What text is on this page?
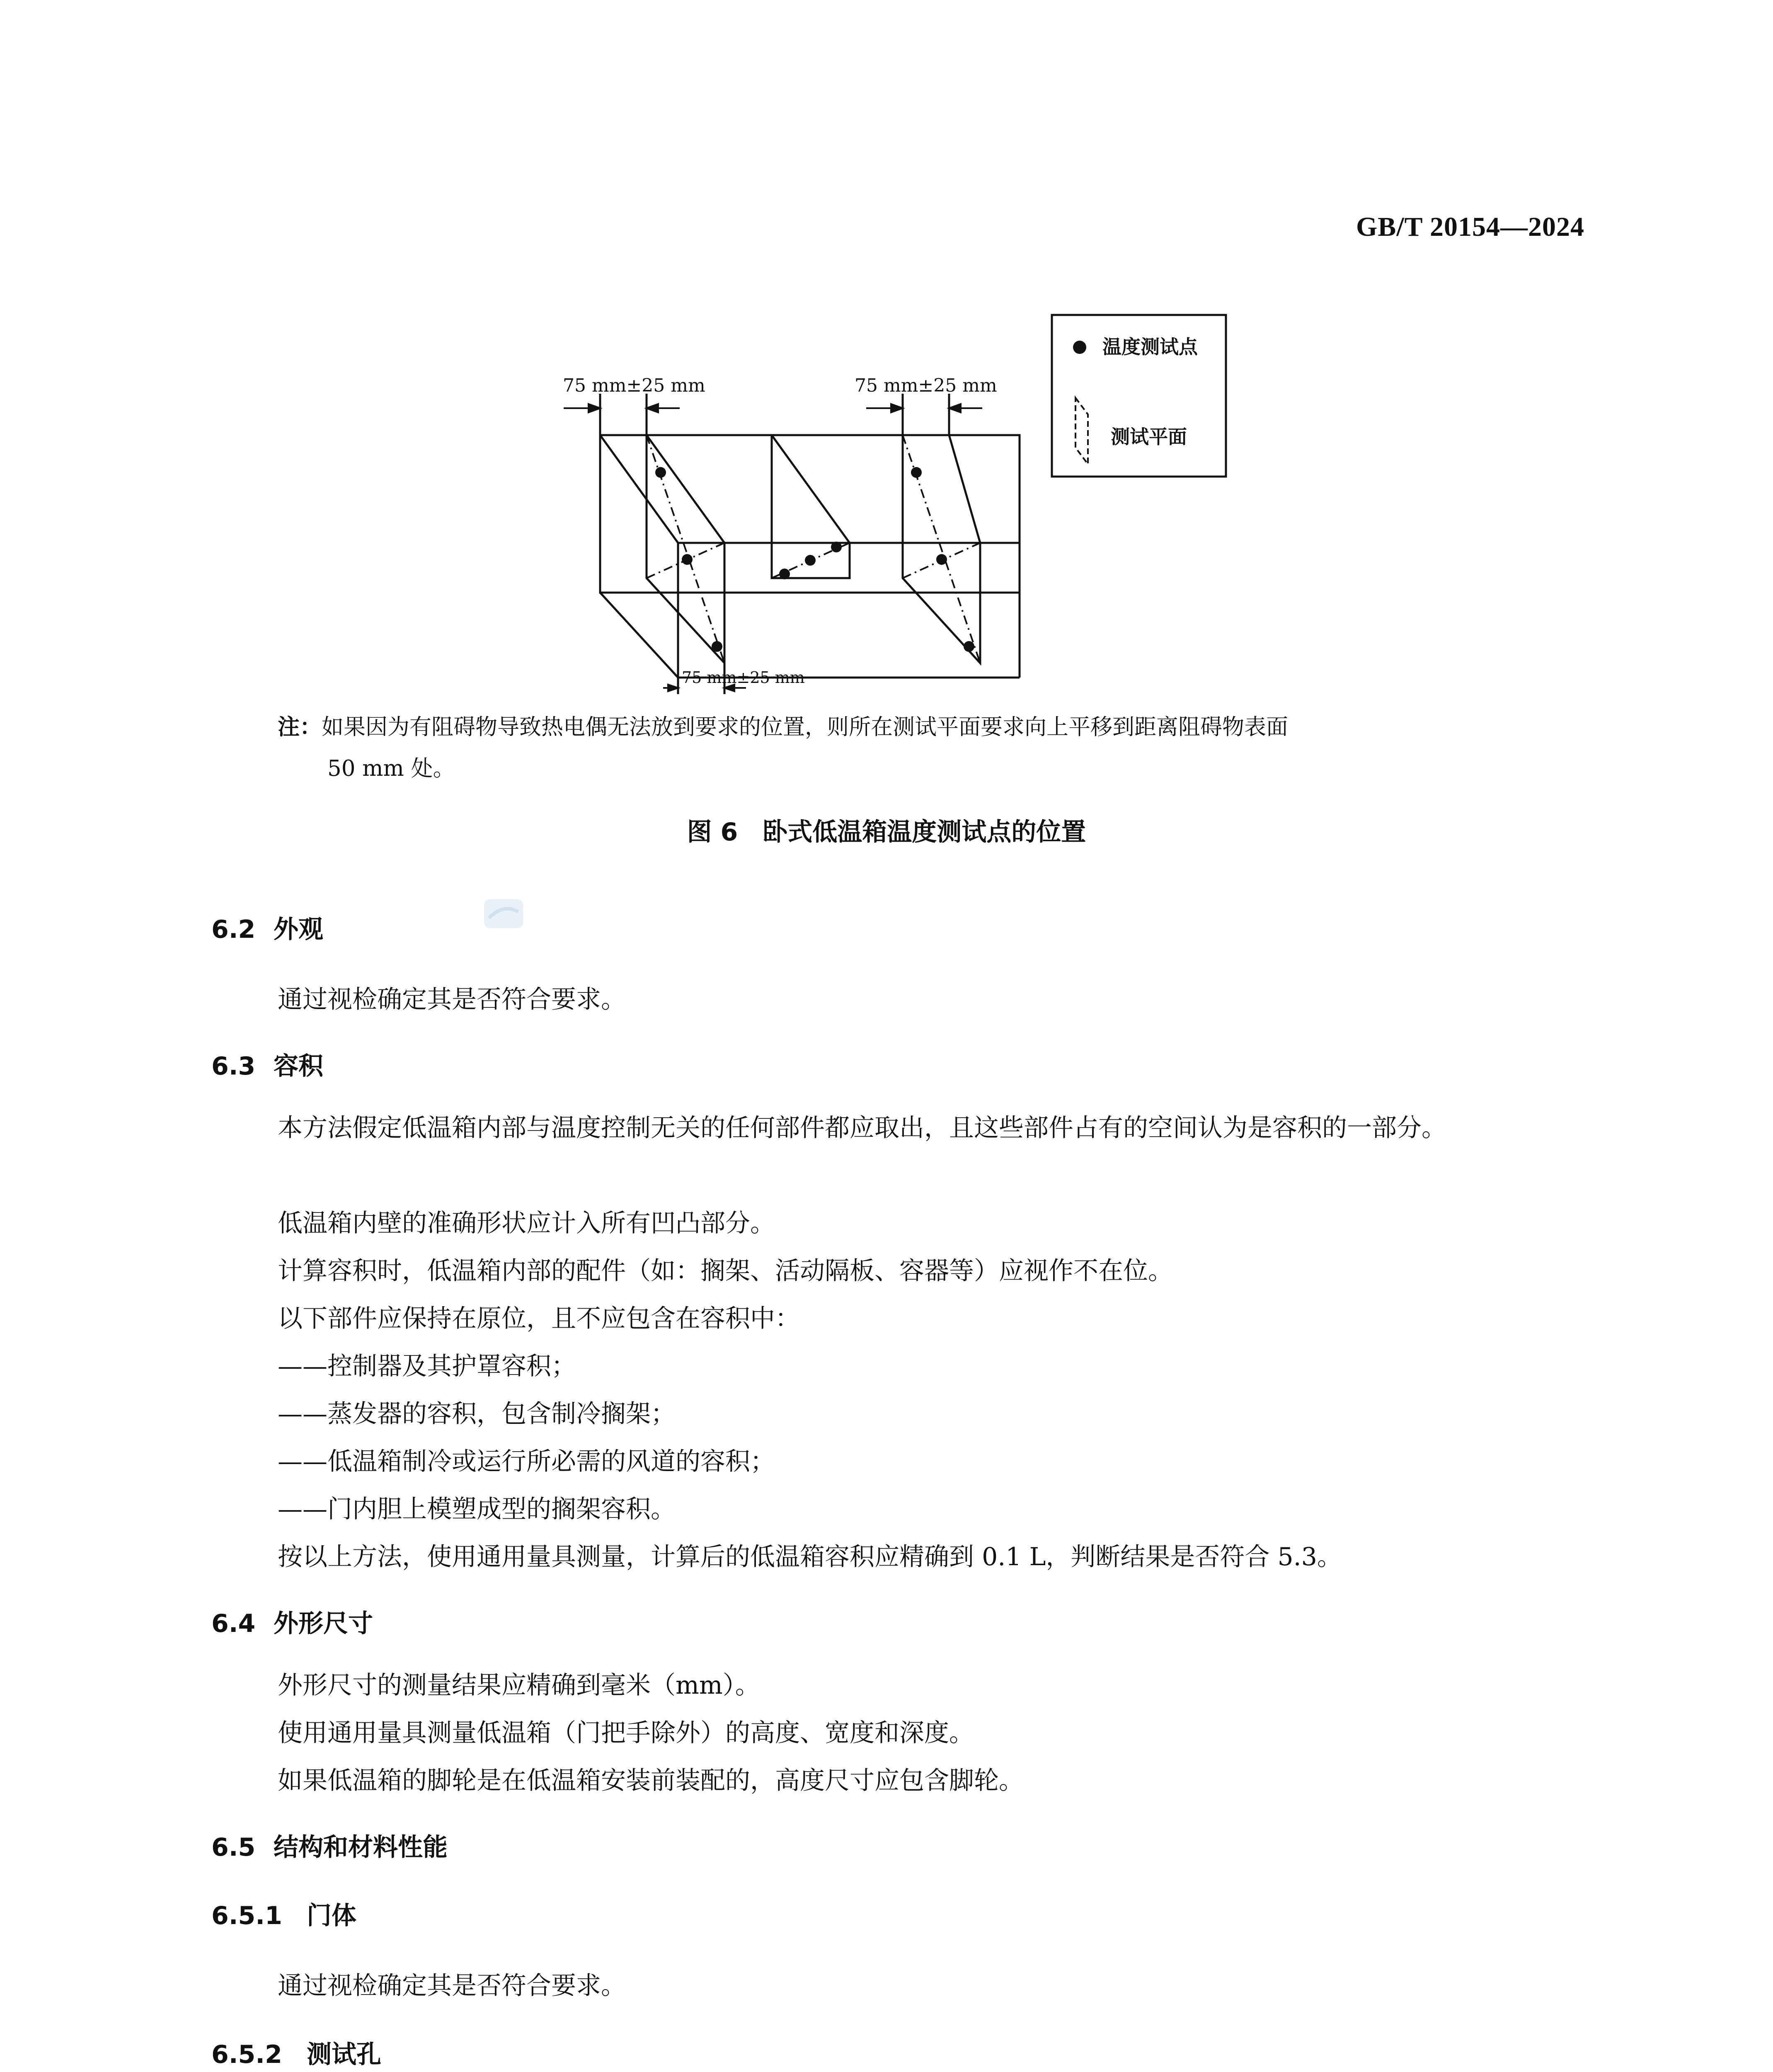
GB/T 20154—2024
75 mm±25 mm	75 mm±25 mm
75 mm±25 mm
温度测试点
测试平面
注：如果因为有阻碍物导致热电偶无法放到要求的位置，则所在测试平面要求向上平移到距离阻碍物表面
50 mm 处。
图 6　卧式低温箱温度测试点的位置
6.2 外观
通过视检确定其是否符合要求。
6.3 容积
本方法假定低温箱内部与温度控制无关的任何部件都应取出，且这些部件占有的空间认为是容积的一部分。
低温箱内壁的准确形状应计入所有凹凸部分。
计算容积时，低温箱内部的配件（如：搁架、活动隔板、容器等）应视作不在位。
以下部件应保持在原位，且不应包含在容积中：
——控制器及其护罩容积；
——蒸发器的容积，包含制冷搁架；
——低温箱制冷或运行所必需的风道的容积；
——门内胆上模塑成型的搁架容积。
按以上方法，使用通用量具测量，计算后的低温箱容积应精确到 0.1 L，判断结果是否符合 5.3。
6.4 外形尺寸
外形尺寸的测量结果应精确到毫米（mm）。
使用通用量具测量低温箱（门把手除外）的高度、宽度和深度。
如果低温箱的脚轮是在低温箱安装前装配的，高度尺寸应包含脚轮。
6.5 结构和材料性能
6.5.1 门体
通过视检确定其是否符合要求。
6.5.2 测试孔
